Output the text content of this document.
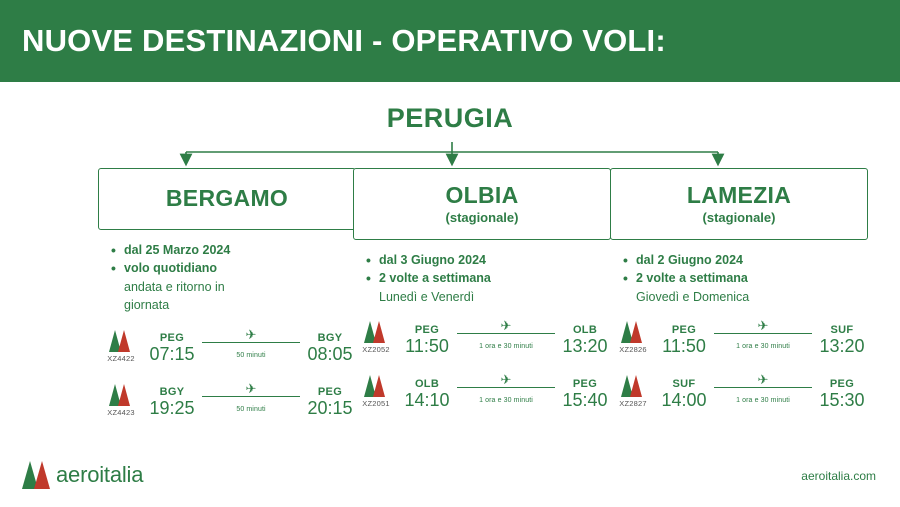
NUOVE DESTINAZIONI - OPERATIVO VOLI:
PERUGIA
BERGAMO
• dal 25 Marzo 2024
• volo quotidiano
andata e ritorno in
giornata
XZ4422
PEG
07:15
✈
50 minuti
BGY
08:05
XZ4423
BGY
19:25
✈
50 minuti
PEG
20:15
OLBIA
(stagionale)
• dal 3 Giugno 2024
• 2 volte a settimana
Lunedì e Venerdì
XZ2052
PEG
11:50
✈
1 ora e 30 minuti
OLB
13:20
XZ2051
OLB
14:10
✈
1 ora e 30 minuti
PEG
15:40
LAMEZIA
(stagionale)
• dal 2 Giugno 2024
• 2 volte a settimana
Giovedì e Domenica
XZ2826
PEG
11:50
✈
1 ora e 30 minuti
SUF
13:20
XZ2827
SUF
14:00
✈
1 ora e 30 minuti
PEG
15:30
aeroitalia	aeroitalia.com
